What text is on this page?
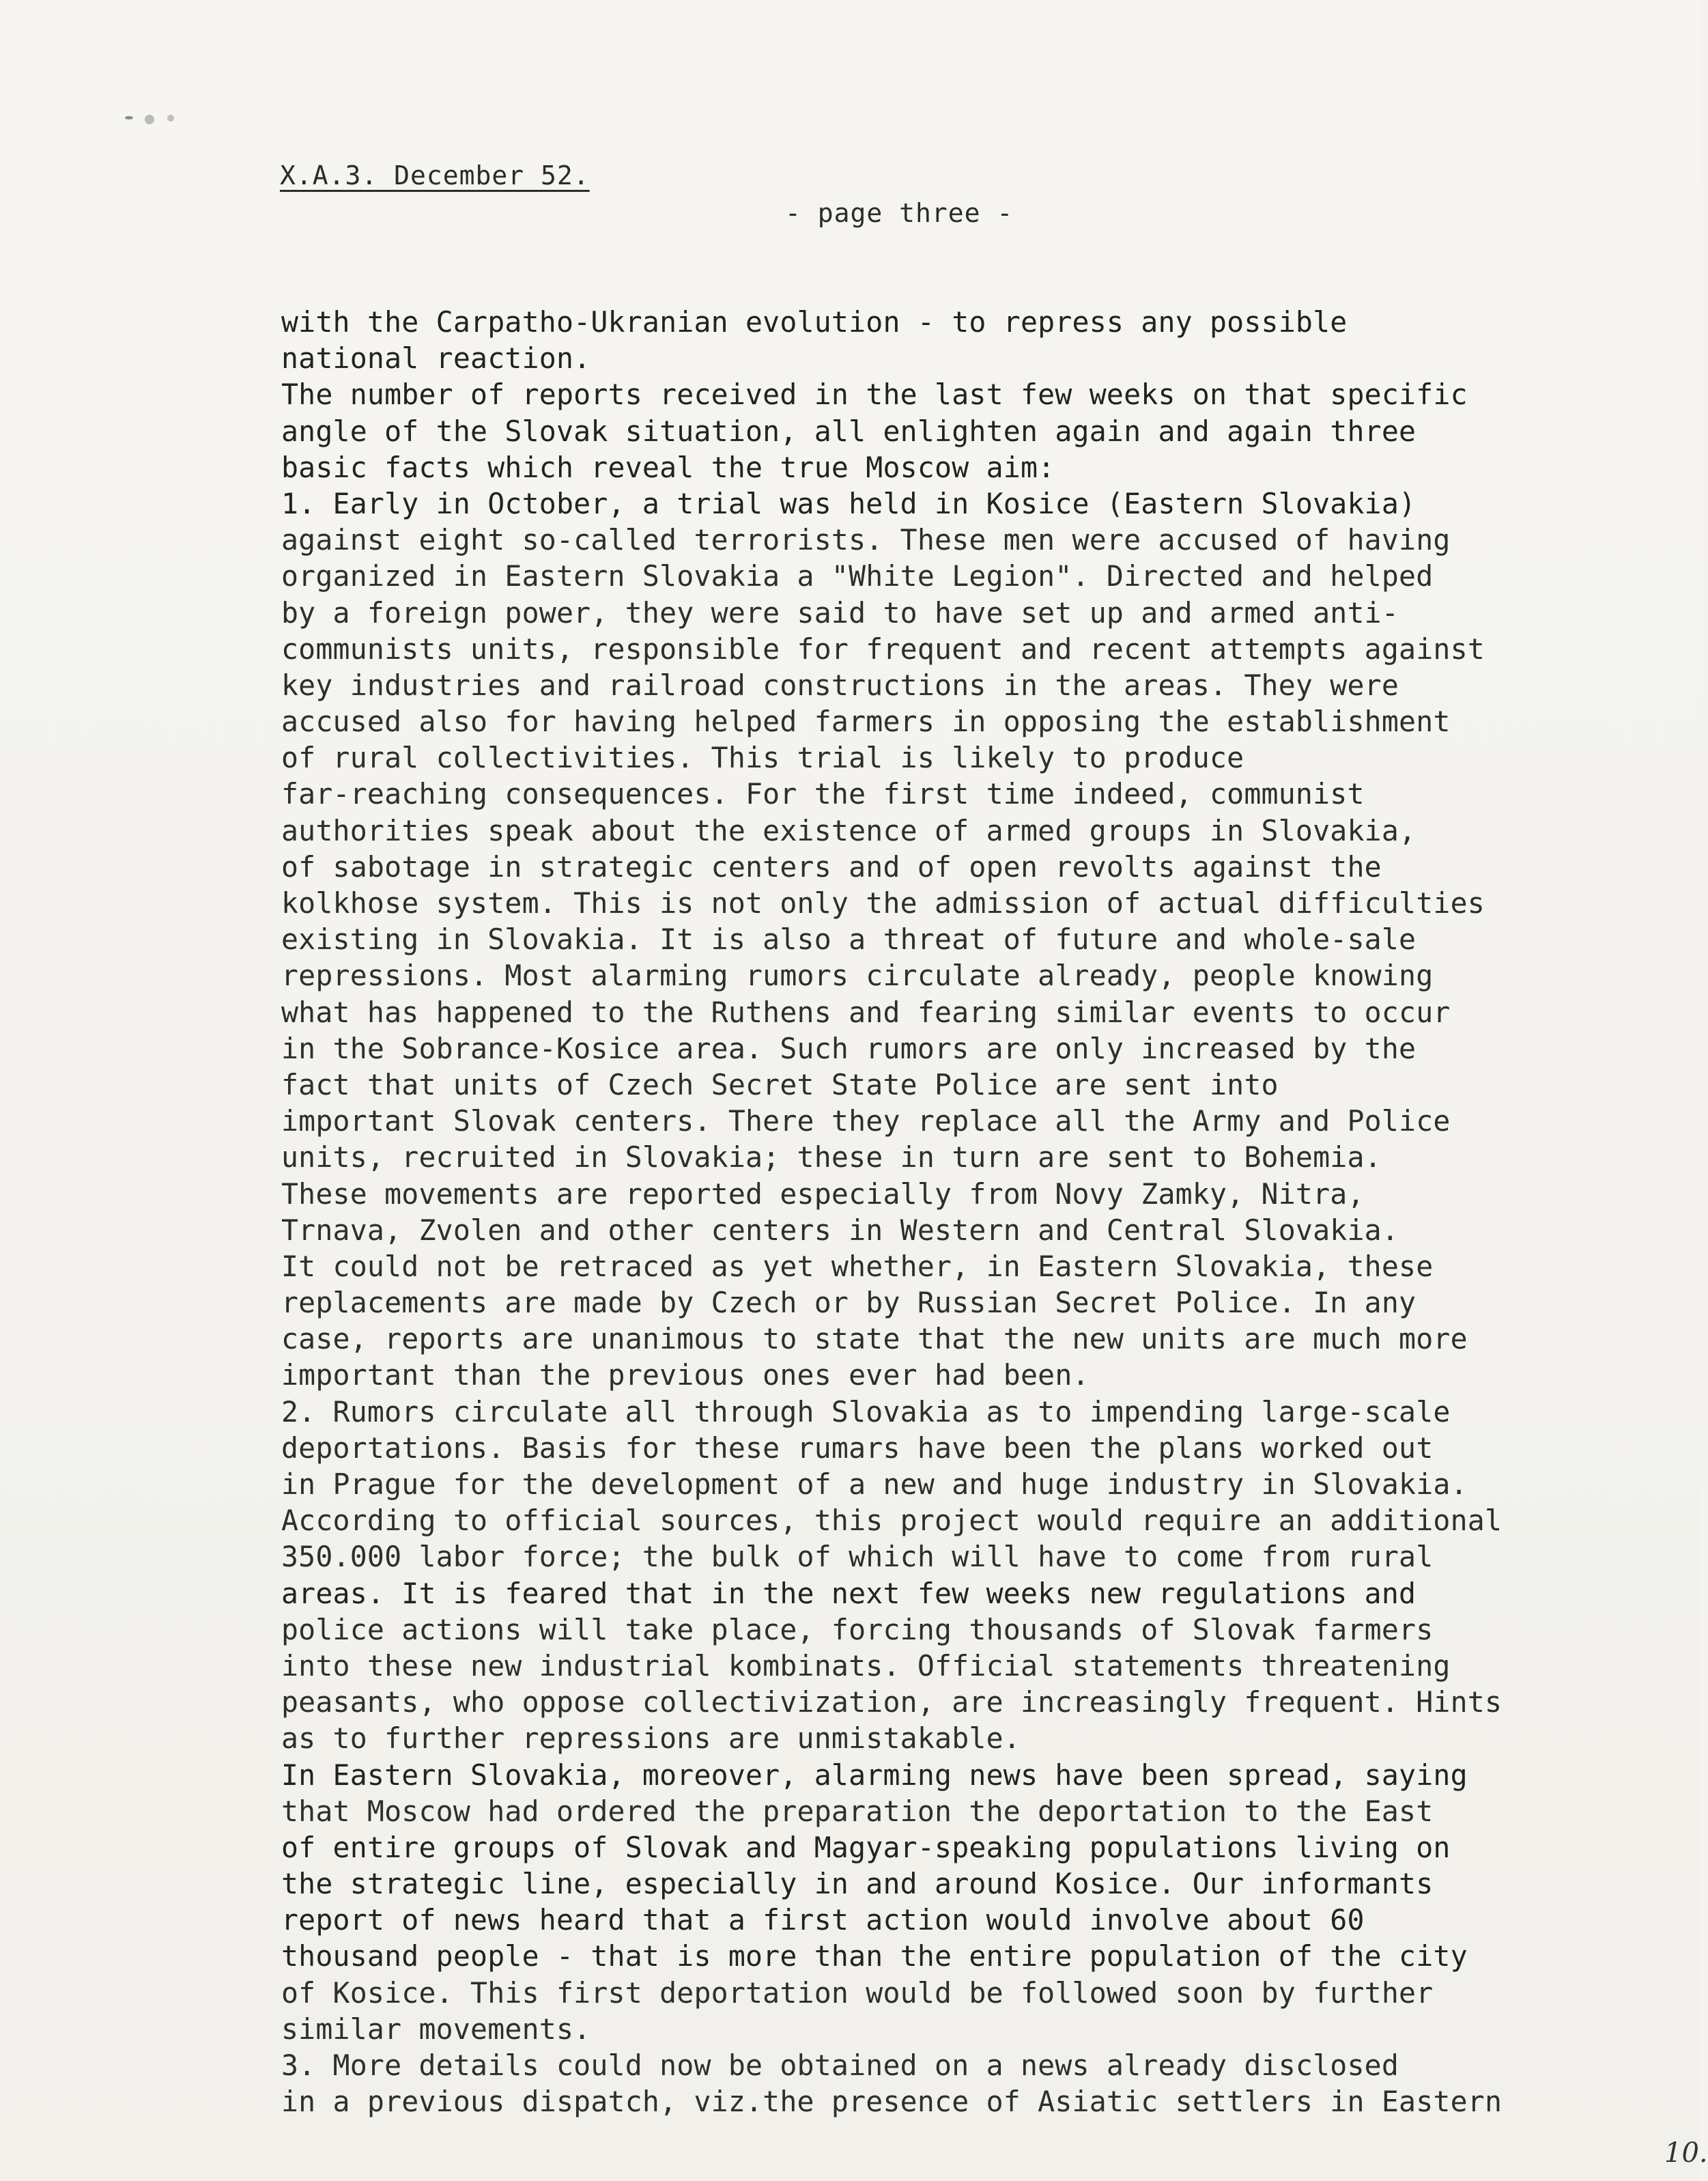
X.A.3. December 52.
- page three -
with the Carpatho-Ukranian evolution - to repress any possible
national reaction.
The number of reports received in the last few weeks on that specific
angle of the Slovak situation, all enlighten again and again three
basic facts which reveal the true Moscow aim:
1. Early in October, a trial was held in Kosice (Eastern Slovakia)
against eight so-called terrorists. These men were accused of having
organized in Eastern Slovakia a "White Legion". Directed and helped
by a foreign power, they were said to have set up and armed anti-
communists units, responsible for frequent and recent attempts against
key industries and railroad constructions in the areas. They were
accused also for having helped farmers in opposing the establishment
of rural collectivities. This trial is likely to produce
far-reaching consequences. For the first time indeed, communist
authorities speak about the existence of armed groups in Slovakia,
of sabotage in strategic centers and of open revolts against the
kolkhose system. This is not only the admission of actual difficulties
existing in Slovakia. It is also a threat of future and whole-sale
repressions. Most alarming rumors circulate already, people knowing
what has happened to the Ruthens and fearing similar events to occur
in the Sobrance-Kosice area. Such rumors are only increased by the
fact that units of Czech Secret State Police are sent into
important Slovak centers. There they replace all the Army and Police
units, recruited in Slovakia; these in turn are sent to Bohemia.
These movements are reported especially from Novy Zamky, Nitra,
Trnava, Zvolen and other centers in Western and Central Slovakia.
It could not be retraced as yet whether, in Eastern Slovakia, these
replacements are made by Czech or by Russian Secret Police. In any
case, reports are unanimous to state that the new units are much more
important than the previous ones ever had been.
2. Rumors circulate all through Slovakia as to impending large-scale
deportations. Basis for these rumars have been the plans worked out
in Prague for the development of a new and huge industry in Slovakia.
According to official sources, this project would require an additional
350.000 labor force; the bulk of which will have to come from rural
areas. It is feared that in the next few weeks new regulations and
police actions will take place, forcing thousands of Slovak farmers
into these new industrial kombinats. Official statements threatening
peasants, who oppose collectivization, are increasingly frequent. Hints
as to further repressions are unmistakable.
In Eastern Slovakia, moreover, alarming news have been spread, saying
that Moscow had ordered the preparation the deportation to the East
of entire groups of Slovak and Magyar-speaking populations living on
the strategic line, especially in and around Kosice. Our informants
report of news heard that a first action would involve about 60
thousand people - that is more than the entire population of the city
of Kosice. This first deportation would be followed soon by further
similar movements.
3. More details could now be obtained on a news already disclosed
in a previous dispatch, viz.the presence of Asiatic settlers in Eastern
10.
